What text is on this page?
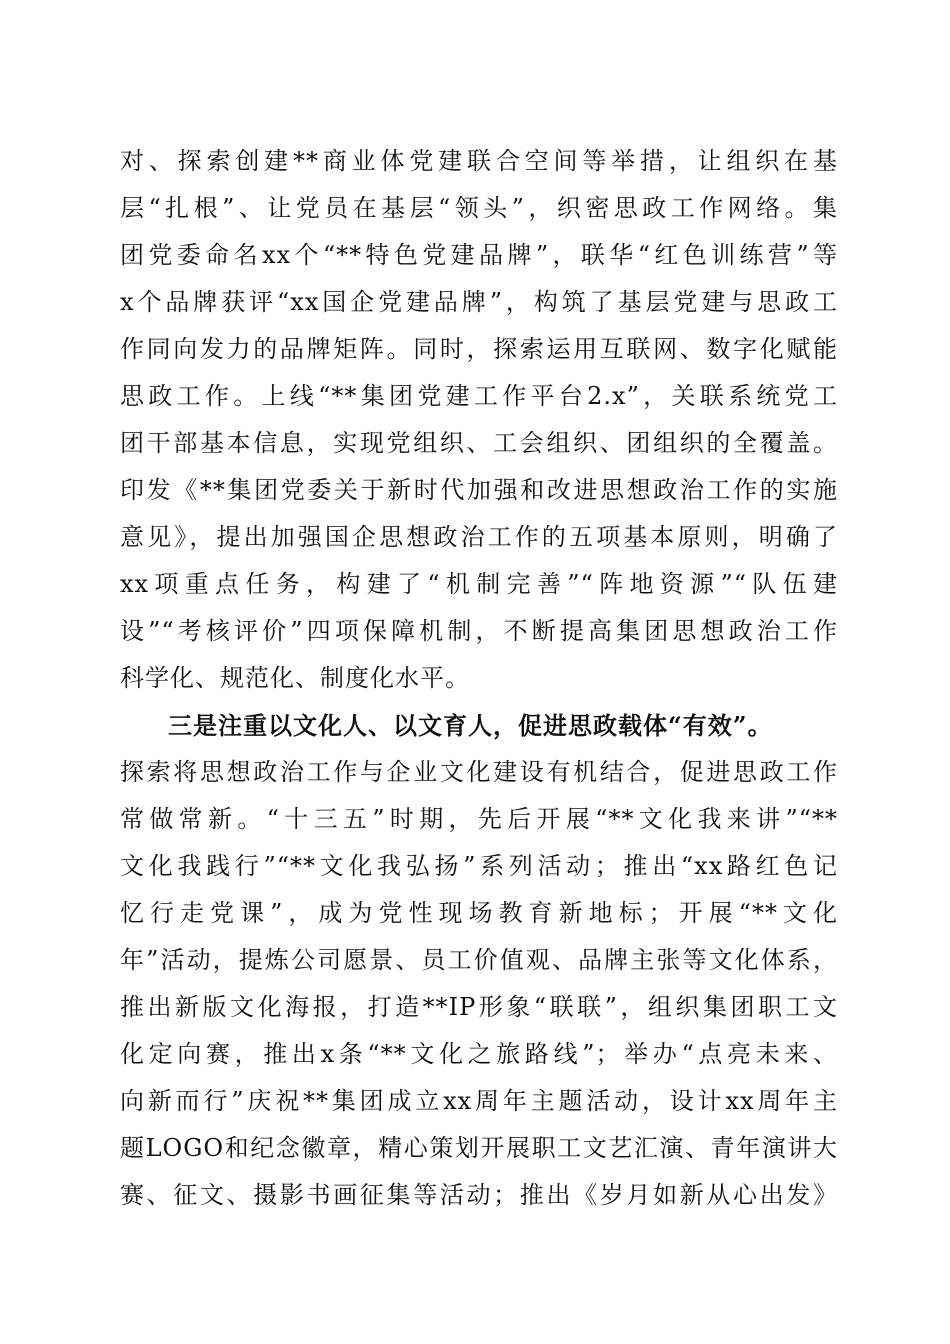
对、探索创建**商业体党建联合空间等举措，让组织在基
层“扎根”、让党员在基层“领头”，织密思政工作网络。集
团党委命名xx个“**特色党建品牌”，联华“红色训练营”等
x个品牌获评“xx国企党建品牌”，构筑了基层党建与思政工
作同向发力的品牌矩阵。同时，探索运用互联网、数字化赋能
思政工作。上线“**集团党建工作平台2.x”，关联系统党工
团干部基本信息，实现党组织、工会组织、团组织的全覆盖。
印发《**集团党委关于新时代加强和改进思想政治工作的实施
意见》，提出加强国企思想政治工作的五项基本原则，明确了
xx项重点任务，构建了“机制完善”“阵地资源”“队伍建
设”“考核评价”四项保障机制，不断提高集团思想政治工作
科学化、规范化、制度化水平。
三是注重以文化人、以文育人，促进思政载体“有效”。
探索将思想政治工作与企业文化建设有机结合，促进思政工作
常做常新。“十三五”时期，先后开展“**文化我来讲”“**
文化我践行”“**文化我弘扬”系列活动；推出“xx路红色记
忆行走党课”，成为党性现场教育新地标；开展“**文化
年”活动，提炼公司愿景、员工价值观、品牌主张等文化体系，
推出新版文化海报，打造**IP形象“联联”，组织集团职工文
化定向赛，推出x条“**文化之旅路线”；举办“点亮未来、
向新而行”庆祝**集团成立xx周年主题活动，设计xx周年主
题LOGO和纪念徽章，精心策划开展职工文艺汇演、青年演讲大
赛、征文、摄影书画征集等活动；推出《岁月如新从心出发》
